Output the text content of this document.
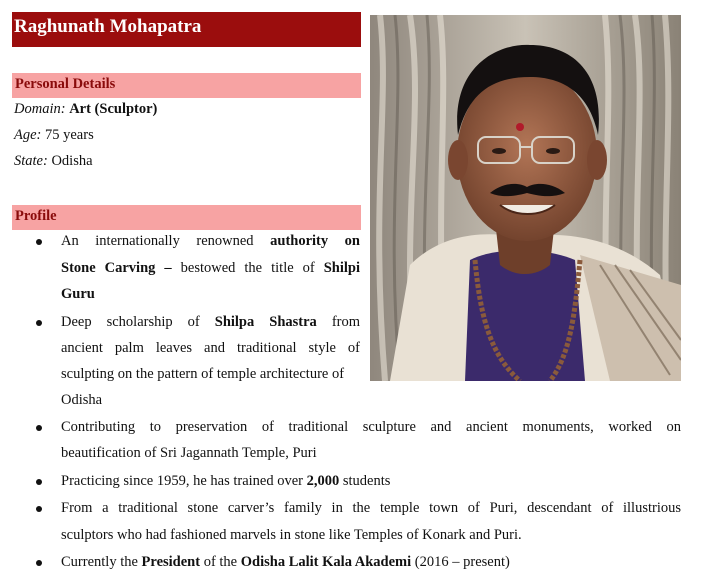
Raghunath Mohapatra
Personal Details
Domain: Art (Sculptor)
Age: 75 years
State: Odisha
Profile
An internationally renowned authority on
Stone Carving – bestowed the title of Shilpi
Guru
Deep scholarship of Shilpa Shastra from
ancient palm leaves and traditional style of
sculpting on the pattern of temple architecture of
Odisha
Contributing to preservation of traditional sculpture and ancient monuments, worked on
beautification of Sri Jagannath Temple, Puri
Practicing since 1959, he has trained over 2,000 students
From a traditional stone carver’s family in the temple town of Puri, descendant of illustrious
sculptors who had fashioned marvels in stone like Temples of Konark and Puri.
Currently the President of the Odisha Lalit Kala Akademi (2016 – present)
